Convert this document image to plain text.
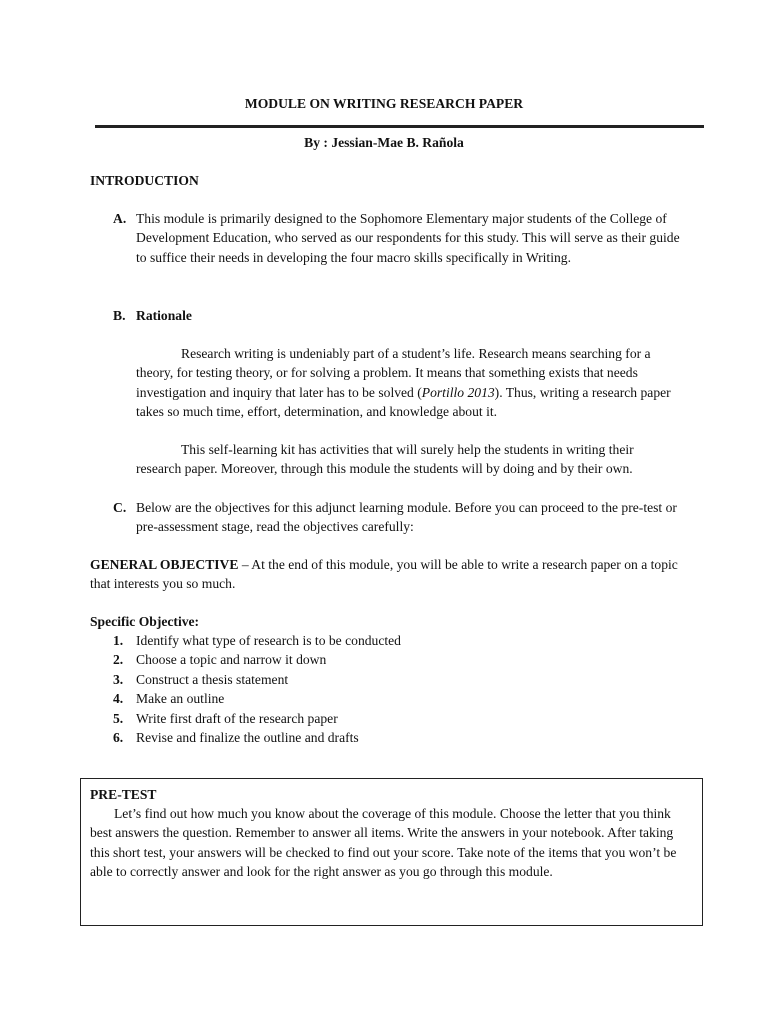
MODULE ON WRITING RESEARCH PAPER
By : Jessian-Mae B. Rañola
INTRODUCTION
A. This module is primarily designed to the Sophomore Elementary major students of the College of Development Education, who served as our respondents for this study. This will serve as their guide to suffice their needs in developing the four macro skills specifically in Writing.

B. Rationale

Research writing is undeniably part of a student’s life. Research means searching for a theory, for testing theory, or for solving a problem. It means that something exists that needs investigation and inquiry that later has to be solved (Portillo 2013). Thus, writing a research paper takes so much time, effort, determination, and knowledge about it.

This self-learning kit has activities that will surely help the students in writing their research paper. Moreover, through this module the students will by doing and by their own.

C. Below are the objectives for this adjunct learning module. Before you can proceed to the pre-test or pre-assessment stage, read the objectives carefully:

GENERAL OBJECTIVE – At the end of this module, you will be able to write a research paper on a topic that interests you so much.

Specific Objective:
1. Identify what type of research is to be conducted
2. Choose a topic and narrow it down
3. Construct a thesis statement
4. Make an outline
5. Write first draft of the research paper
6. Revise and finalize the outline and drafts
PRE-TEST

Let’s find out how much you know about the coverage of this module. Choose the letter that you think best answers the question. Remember to answer all items. Write the answers in your notebook. After taking this short test, your answers will be checked to find out your score. Take note of the items that you won’t be able to correctly answer and look for the right answer as you go through this module.
